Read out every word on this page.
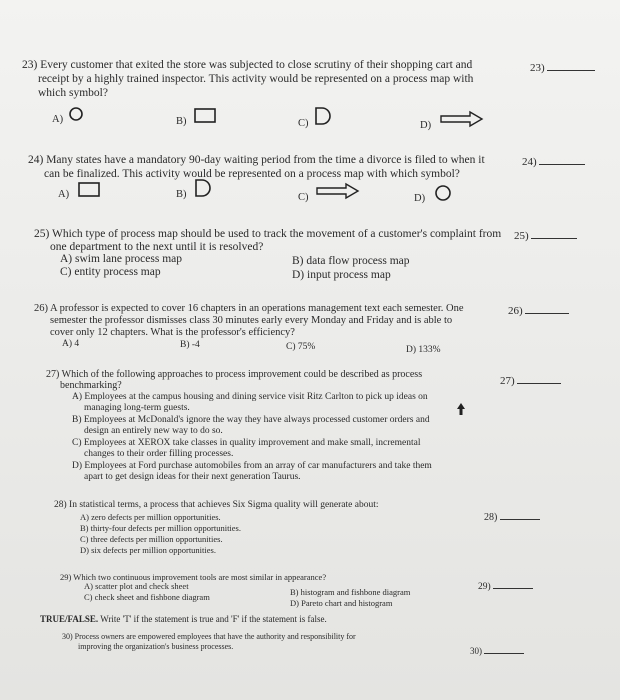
23) Every customer that exited the store was subjected to close scrutiny of their shopping cart and
receipt by a highly trained inspector. This activity would be represented on a process map with
which symbol?
23)
A)	B)	C)	D)
24) Many states have a mandatory 90-day waiting period from the time a divorce is filed to when it
can be finalized. This activity would be represented on a process map with which symbol?
24)
A)	B)	C)	D)
25) Which type of process map should be used to track the movement of a customer's complaint from
one department to the next until it is resolved?
25)
A) swim lane process map	B) data flow process map
C) entity process map	D) input process map
26) A professor is expected to cover 16 chapters in an operations management text each semester. One
semester the professor dismisses class 30 minutes early every Monday and Friday and is able to
cover only 12 chapters. What is the professor's efficiency?
26)
A) 4	B) -4	C) 75%	D) 133%
27) Which of the following approaches to process improvement could be described as process
benchmarking?	27)
A) Employees at the campus housing and dining service visit Ritz Carlton to pick up ideas on
managing long-term guests.
B) Employees at McDonald's ignore the way they have always processed customer orders and
design an entirely new way to do so.
C) Employees at XEROX take classes in quality improvement and make small, incremental
changes to their order filling processes.
D) Employees at Ford purchase automobiles from an array of car manufacturers and take them
apart to get design ideas for their next generation Taurus.
28) In statistical terms, a process that achieves Six Sigma quality will generate about:
28)
A) zero defects per million opportunities.
B) thirty-four defects per million opportunities.
C) three defects per million opportunities.
D) six defects per million opportunities.
29) Which two continuous improvement tools are most similar in appearance?
29)
A) scatter plot and check sheet
C) check sheet and fishbone diagram	B) histogram and fishbone diagram
D) Pareto chart and histogram
TRUE/FALSE. Write 'T' if the statement is true and 'F' if the statement is false.
30) Process owners are empowered employees that have the authority and responsibility for
improving the organization's business processes.	30)
